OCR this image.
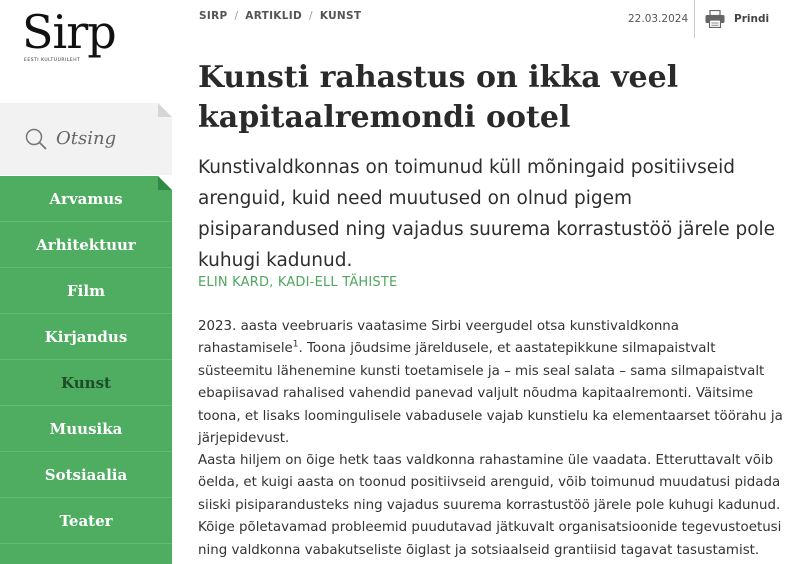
Sirp
EESTI KULTUURILEHT
Otsing
Arvamus
Arhitektuur
Film
Kirjandus
Kunst
Muusika
Sotsiaalia
Teater
SIRP / ARTIKLID / KUNST	22.03.2024	Prindi
Kunsti rahastus on ikka veel kapitaalremondi ootel

Kunstivaldkonnas on toimunud küll mõningaid positiivseid arenguid, kuid need muutused on olnud pigem pisiparandused ning vajadus suurema korrastustöö järele pole kuhugi kadunud.

ELIN KARD, KADI-ELL TÄHISTE

2023. aasta veebruaris vaatasime Sirbi veergudel otsa kunstivaldkonna rahastamisele$^1$. Toona jõudsime järeldusele, et aastatepikkune silmapaistvalt süsteemitu lähenemine kunsti toetamisele ja – mis seal salata – sama silmapaistvalt ebapiisavad rahalised vahendid panevad valjult nõudma kapitaalremonti. Väitsime toona, et lisaks loomingulisele vabadusele vajab kunstielu ka elementaarset töörahu ja järjepidevust.

Aasta hiljem on õige hetk taas valdkonna rahastamine üle vaadata. Etteruttavalt võib öelda, et kuigi aasta on toonud positiivseid arenguid, võib toimunud muudatusi pidada siiski pisiparandusteks ning vajadus suurema korrastustöö järele pole kuhugi kadunud. Kõige põletavamad probleemid puudutavad jätkuvalt organisatsioonide tegevustoetusi ning valdkonna vabakutseliste õiglast ja sotsiaalseid grantiisid tagavat tasustamist.
